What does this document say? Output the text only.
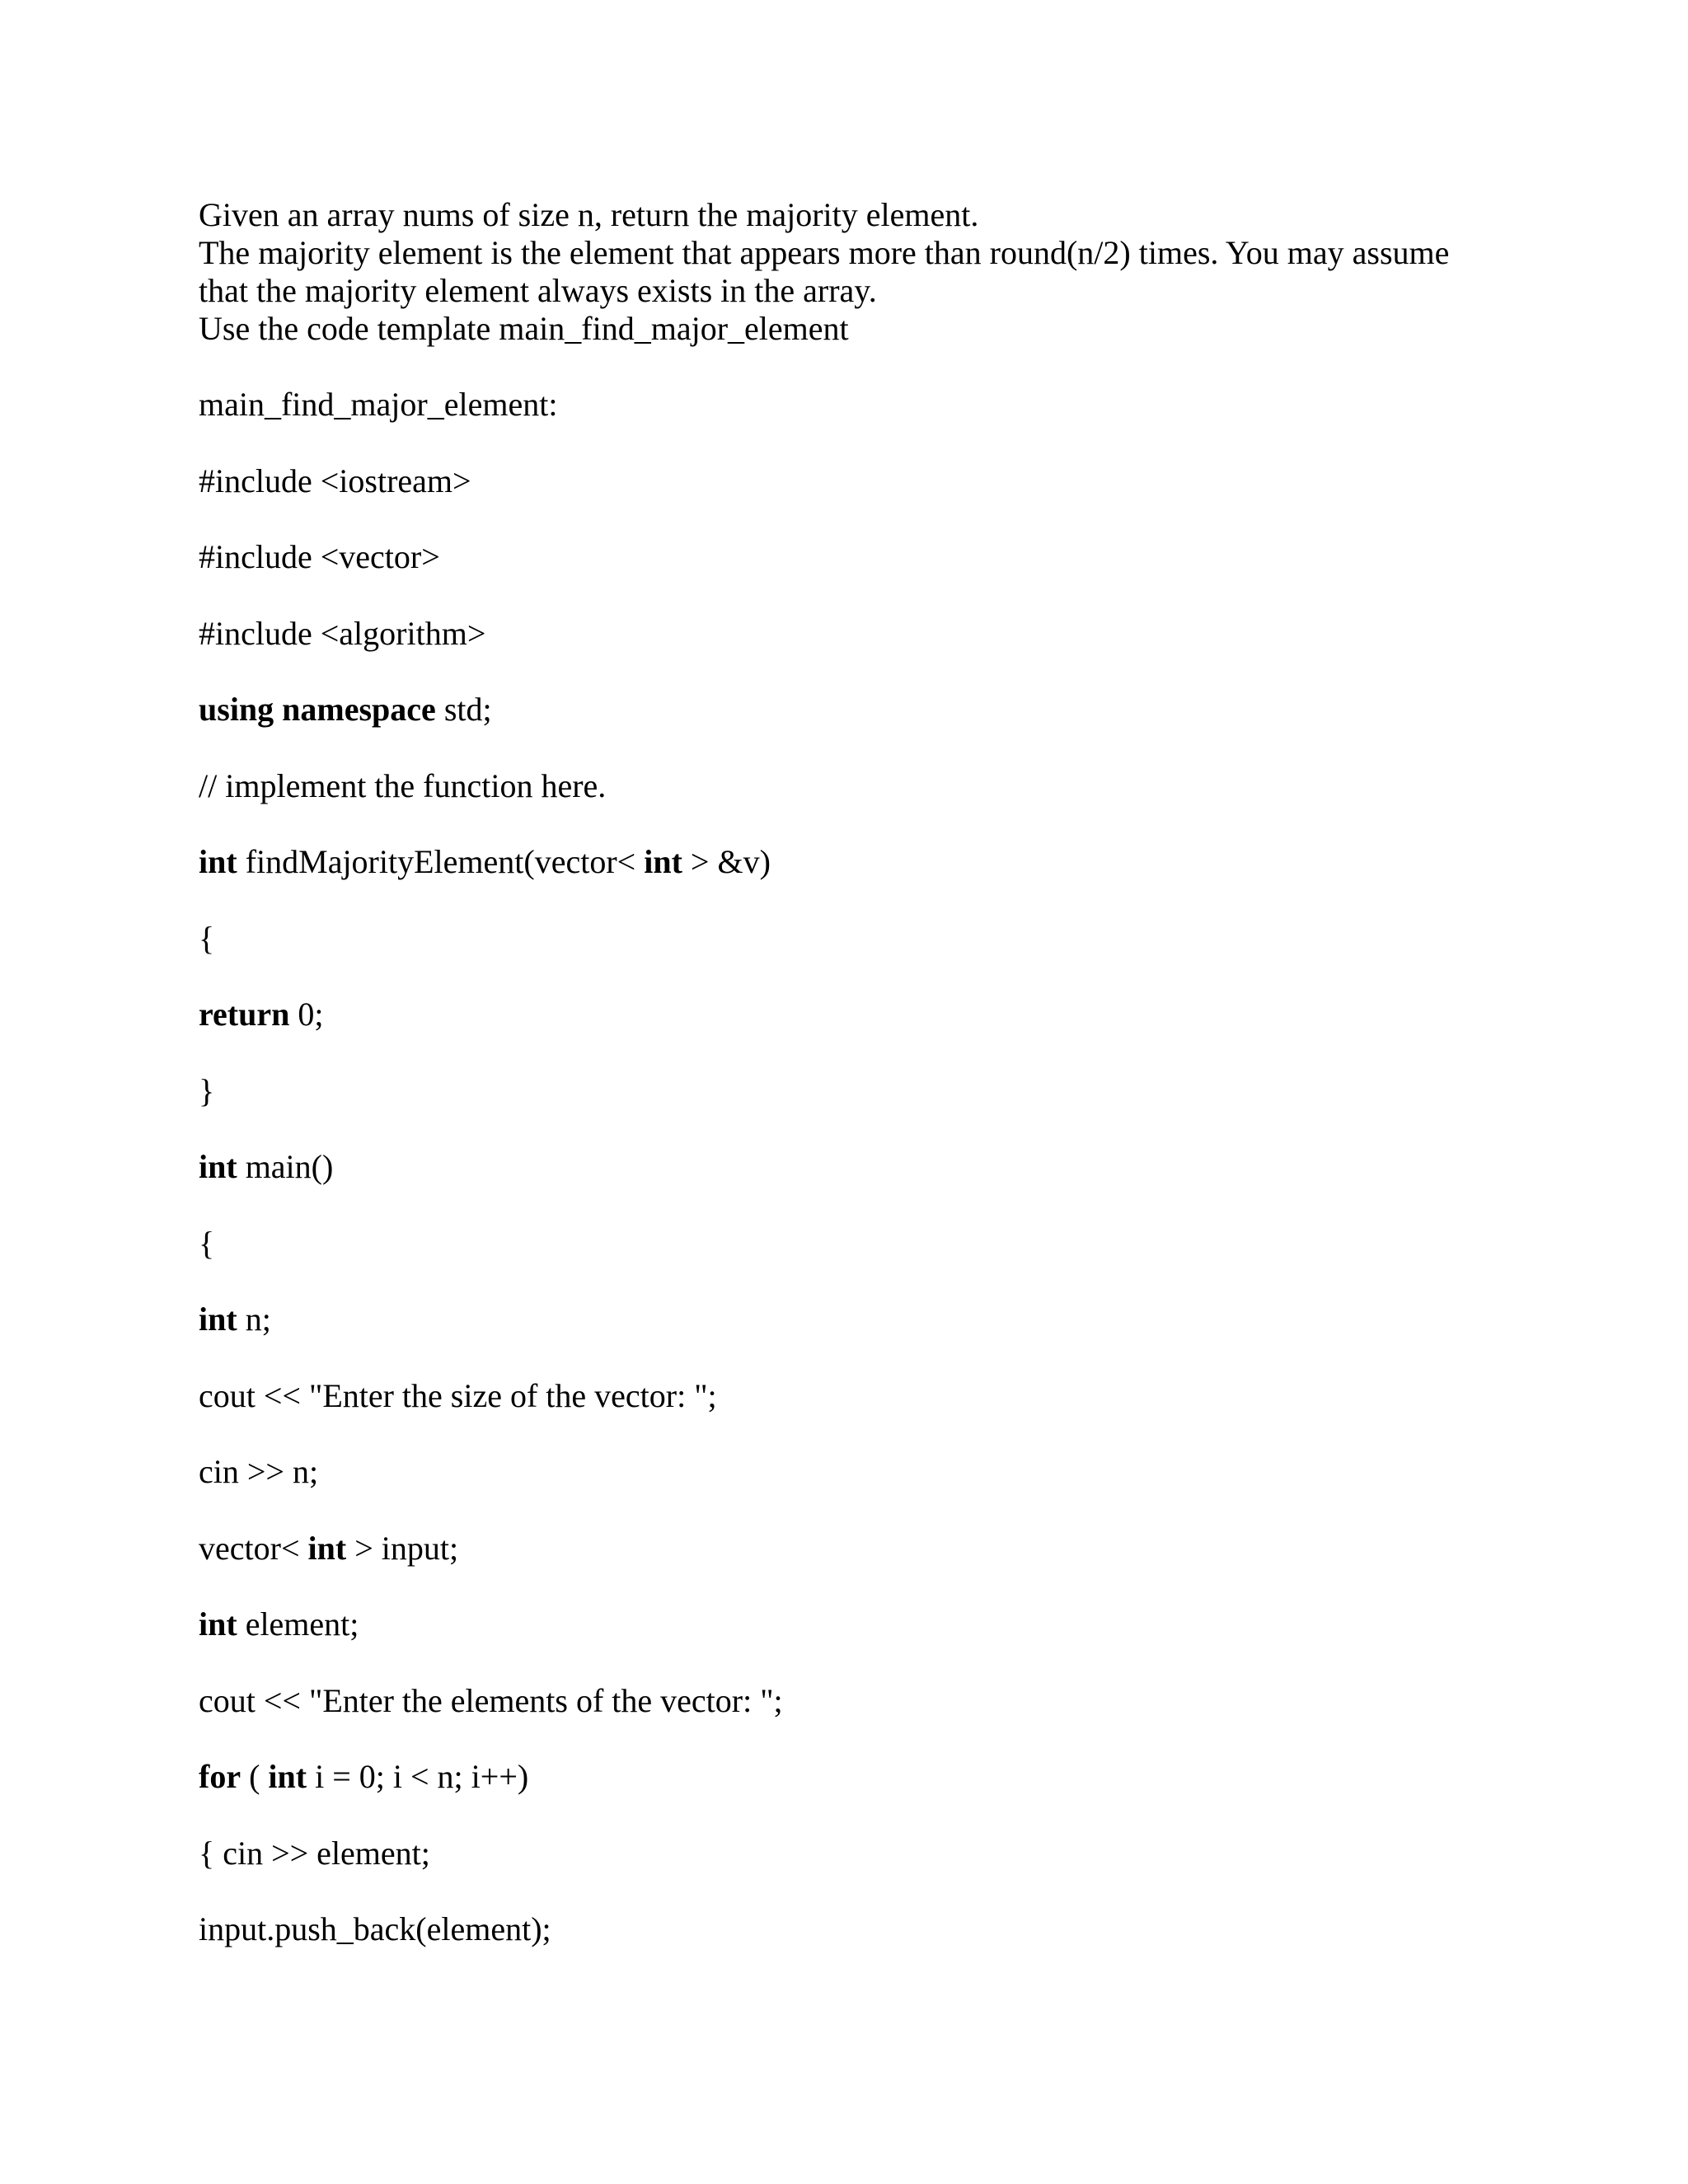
Given an array nums of size n, return the majority element.
The majority element is the element that appears more than round(n/2) times. You may assume
that the majority element always exists in the array.
Use the code template main_find_major_element
main_find_major_element:
#include <iostream>
#include <vector>
#include <algorithm>
using namespace std;
// implement the function here.
int findMajorityElement(vector< int > &v)
{
return 0;
}
int main()
{
int n;
cout << "Enter the size of the vector: ";
cin >> n;
vector< int > input;
int element;
cout << "Enter the elements of the vector: ";
for ( int i = 0; i < n; i++)
{ cin >> element;
input.push_back(element);
